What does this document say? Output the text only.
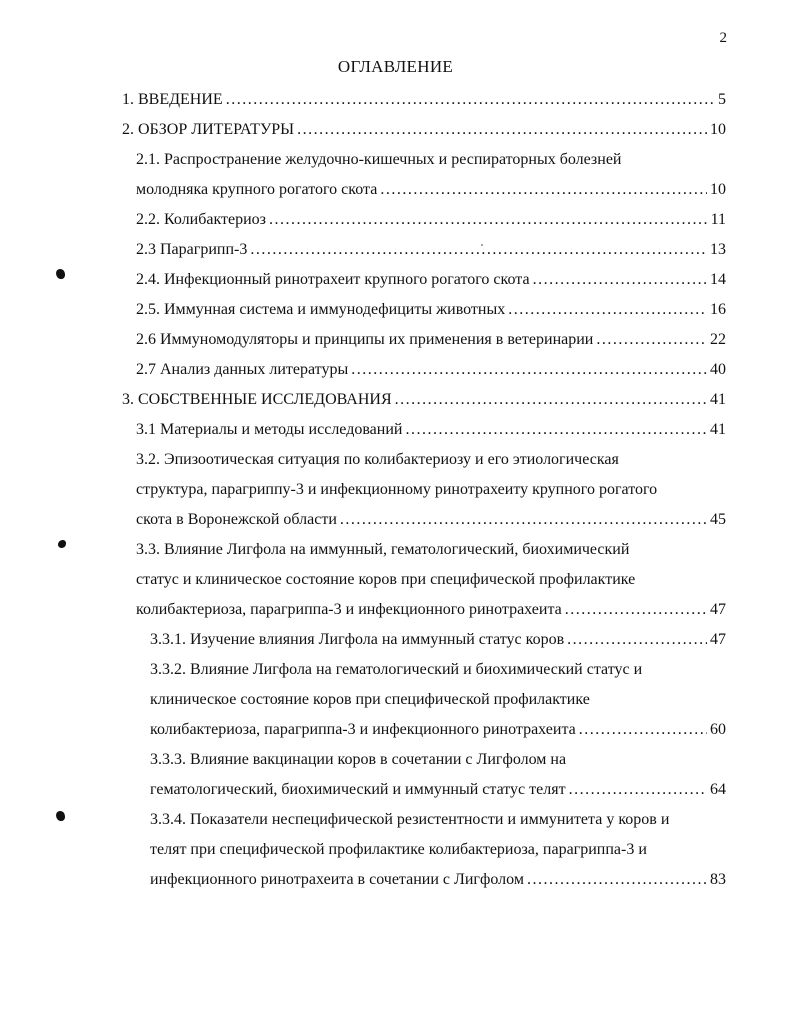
2
ОГЛАВЛЕНИЕ
1. ВВЕДЕНИЕ .....	5
2. ОБЗОР ЛИТЕРАТУРЫ .....	10
2.1. Распространение желудочно-кишечных и респираторных болезней
молодняка крупного рогатого скота .....	10
2.2. Колибактериоз .....	11
2.3 Парагрипп-3 .....	13
2.4. Инфекционный ринотрахеит крупного рогатого скота .....	14
2.5. Иммунная система и иммунодефициты животных .....	16
2.6 Иммуномодуляторы и принципы их применения в ветеринарии .....	22
2.7 Анализ данных литературы .....	40
3. СОБСТВЕННЫЕ ИССЛЕДОВАНИЯ .....	41
3.1 Материалы и методы исследований .....	41
3.2. Эпизоотическая ситуация по колибактериозу и его этиологическая
структура, парагриппу-3 и инфекционному ринотрахеиту крупного рогатого
скота в Воронежской области .....	45
3.3. Влияние Лигфола на иммунный, гематологический, биохимический
статус и клиническое состояние коров при специфической профилактике
колибактериоза, парагриппа-3 и инфекционного ринотрахеита .....	47
3.3.1. Изучение влияния Лигфола на иммунный статус коров .....	47
3.3.2. Влияние Лигфола на гематологический и биохимический статус и
клиническое состояние коров при специфической профилактике
колибактериоза, парагриппа-3 и инфекционного ринотрахеита .....	60
3.3.3. Влияние вакцинации коров в сочетании с Лигфолом на
гематологический, биохимический и иммунный статус телят .....	64
3.3.4. Показатели неспецифической резистентности и иммунитета у коров и
телят при специфической профилактике колибактериоза, парагриппа-3 и
инфекционного ринотрахеита в сочетании с Лигфолом .....	83
